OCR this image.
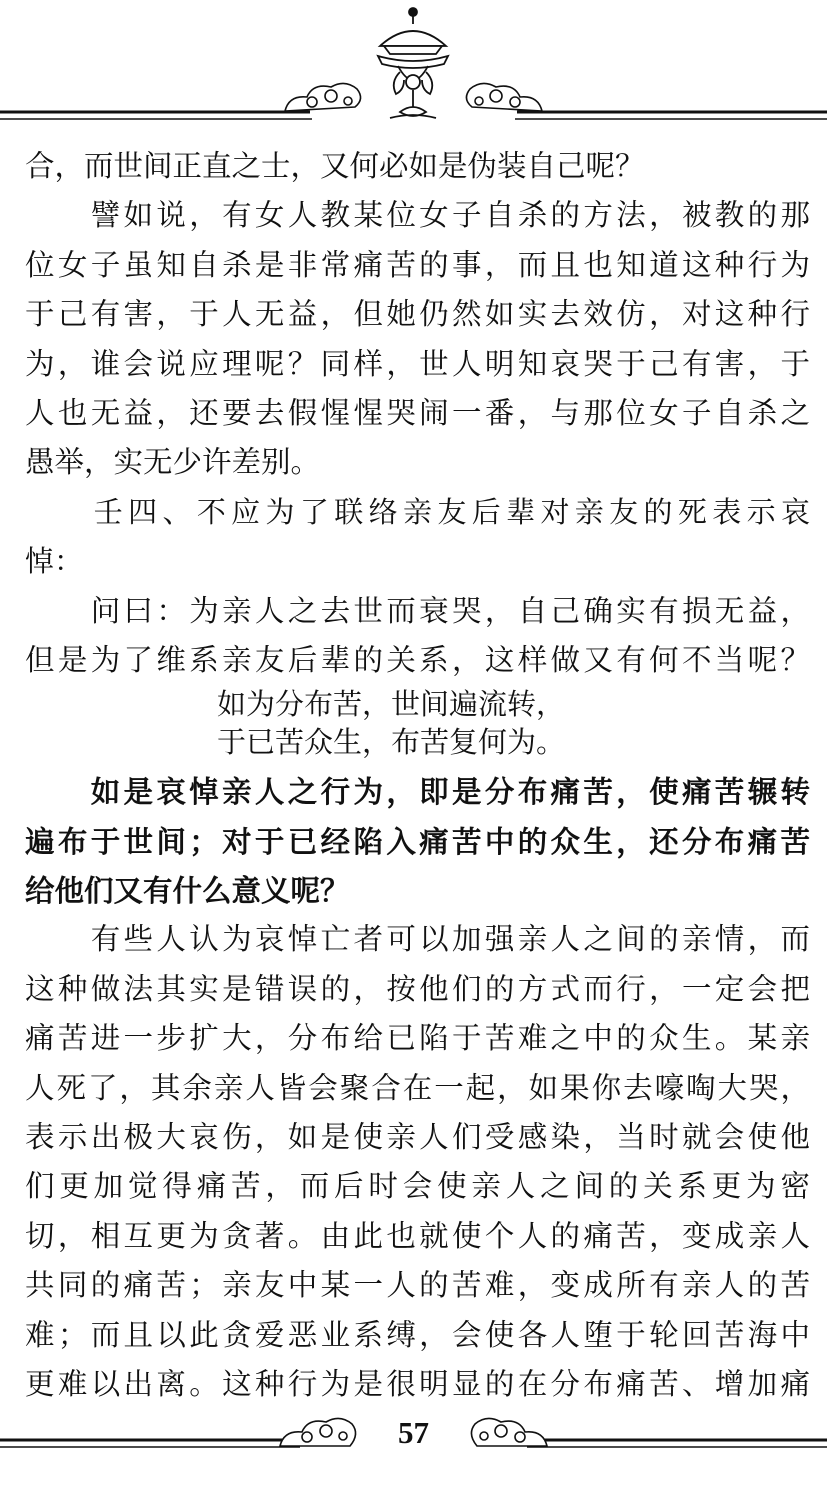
合，而世间正直之士，又何必如是伪装自己呢？
　　譬如说，有女人教某位女子自杀的方法，被教的那
位女子虽知自杀是非常痛苦的事，而且也知道这种行为
于己有害，于人无益，但她仍然如实去效仿，对这种行
为，谁会说应理呢？同样，世人明知哀哭于己有害，于
人也无益，还要去假惺惺哭闹一番，与那位女子自杀之
愚举，实无少许差别。
　　壬四、不应为了联络亲友后辈对亲友的死表示哀
悼：
　　问曰：为亲人之去世而衰哭，自己确实有损无益，
但是为了维系亲友后辈的关系，这样做又有何不当呢？
如为分布苦，世间遍流转，
于已苦众生，布苦复何为。
　　如是哀悼亲人之行为，即是分布痛苦，使痛苦辗转
遍布于世间；对于已经陷入痛苦中的众生，还分布痛苦
给他们又有什么意义呢？
　　有些人认为哀悼亡者可以加强亲人之间的亲情，而
这种做法其实是错误的，按他们的方式而行，一定会把
痛苦进一步扩大，分布给已陷于苦难之中的众生。某亲
人死了，其余亲人皆会聚合在一起，如果你去嚎啕大哭，
表示出极大哀伤，如是使亲人们受感染，当时就会使他
们更加觉得痛苦，而后时会使亲人之间的关系更为密
切，相互更为贪著。由此也就使个人的痛苦，变成亲人
共同的痛苦；亲友中某一人的苦难，变成所有亲人的苦
难；而且以此贪爱恶业系缚，会使各人堕于轮回苦海中
更难以出离。这种行为是很明显的在分布痛苦、增加痛
57
